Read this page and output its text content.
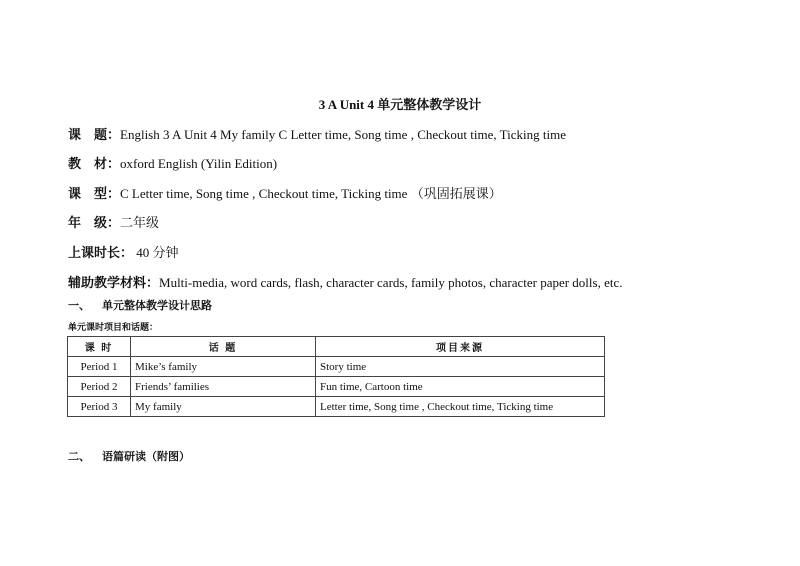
3 A Unit 4 单元整体教学设计
课　题：English 3 A Unit 4 My family C Letter time, Song time , Checkout time, Ticking time
教　材：oxford English (Yilin Edition)
课　型：C Letter time, Song time , Checkout time, Ticking time （巩固拓展课）
年　级：二年级
上课时长： 40 分钟
辅助教学材料：Multi-media, word cards, flash, character cards, family photos, character paper dolls, etc.
一、 单元整体教学设计思路
单元课时项目和话题：
课 时	话 题	项目来源
Period 1	Mike’s family	Story time
Period 2	Friends’ families	Fun time, Cartoon time
Period 3	My family	Letter time, Song time , Checkout time, Ticking time
二、 语篇研读（附图）
